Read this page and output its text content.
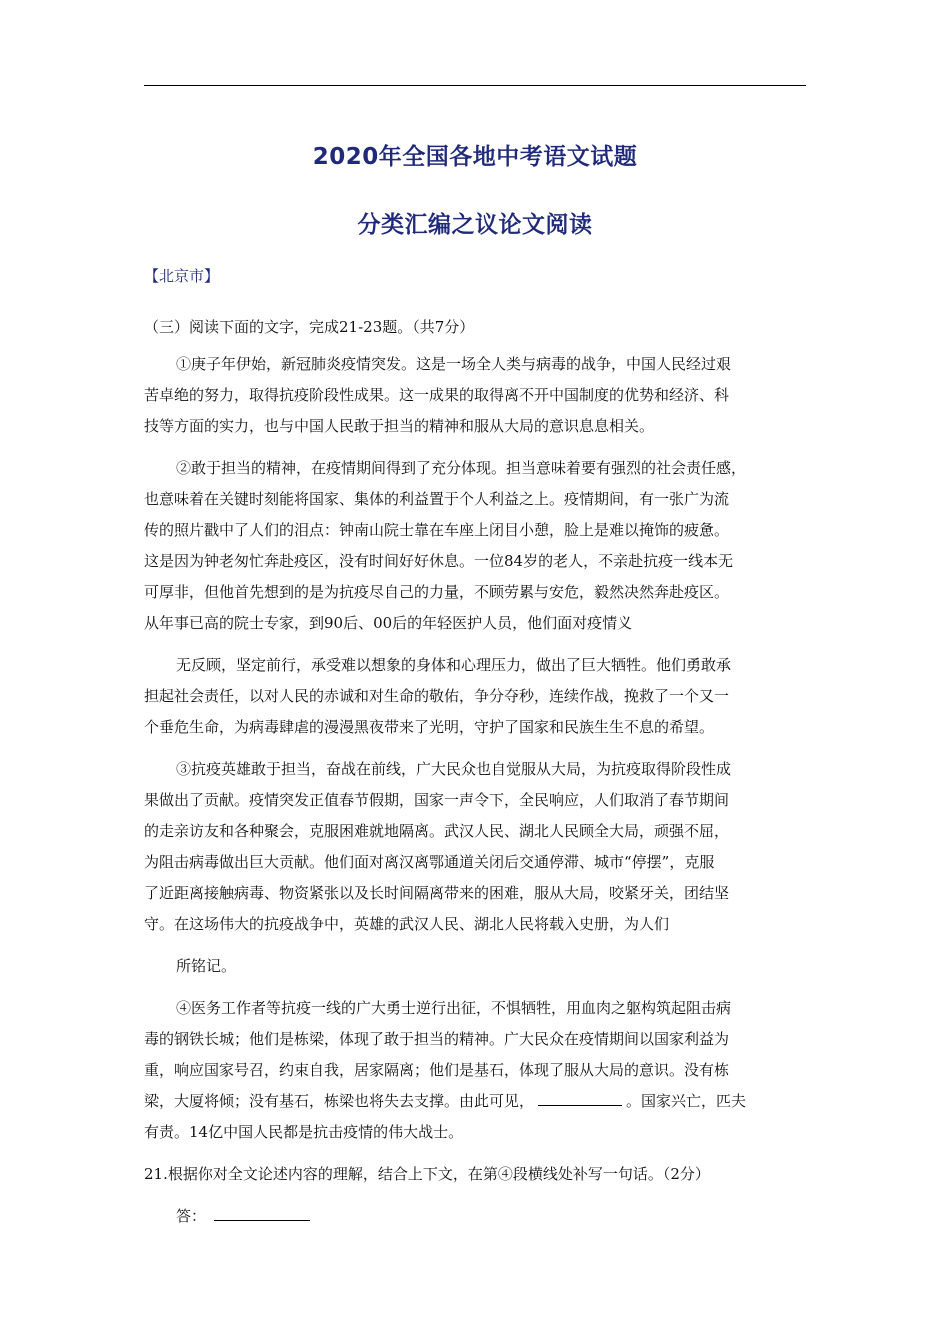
2020年全国各地中考语文试题
分类汇编之议论文阅读
【北京市】
（三）阅读下面的文字，完成21-23题。（共7分）
①庚子年伊始，新冠肺炎疫情突发。这是一场全人类与病毒的战争，中国人民经过艰
苦卓绝的努力，取得抗疫阶段性成果。这一成果的取得离不开中国制度的优势和经济、科
技等方面的实力，也与中国人民敢于担当的精神和服从大局的意识息息相关。
②敢于担当的精神，在疫情期间得到了充分体现。担当意味着要有强烈的社会责任感，
也意味着在关键时刻能将国家、集体的利益置于个人利益之上。疫情期间，有一张广为流
传的照片戳中了人们的泪点：钟南山院士靠在车座上闭目小憩，脸上是难以掩饰的疲惫。
这是因为钟老匆忙奔赴疫区，没有时间好好休息。一位84岁的老人，不亲赴抗疫一线本无
可厚非，但他首先想到的是为抗疫尽自己的力量，不顾劳累与安危，毅然决然奔赴疫区。
从年事已高的院士专家，到90后、00后的年轻医护人员，他们面对疫情义
无反顾，坚定前行，承受难以想象的身体和心理压力，做出了巨大牺牲。他们勇敢承
担起社会责任，以对人民的赤诚和对生命的敬佑，争分夺秒，连续作战，挽救了一个又一
个垂危生命，为病毒肆虐的漫漫黑夜带来了光明，守护了国家和民族生生不息的希望。
③抗疫英雄敢于担当，奋战在前线，广大民众也自觉服从大局，为抗疫取得阶段性成
果做出了贡献。疫情突发正值春节假期，国家一声令下，全民响应，人们取消了春节期间
的走亲访友和各种聚会，克服困难就地隔离。武汉人民、湖北人民顾全大局，顽强不屈，
为阻击病毒做出巨大贡献。他们面对离汉离鄂通道关闭后交通停滞、城市“停摆”，克服
了近距离接触病毒、物资紧张以及长时间隔离带来的困难，服从大局，咬紧牙关，团结坚
守。在这场伟大的抗疫战争中，英雄的武汉人民、湖北人民将载入史册，为人们
所铭记。
④医务工作者等抗疫一线的广大勇士逆行出征，不惧牺牲，用血肉之躯构筑起阻击病
毒的钢铁长城；他们是栋梁，体现了敢于担当的精神。广大民众在疫情期间以国家利益为
重，响应国家号召，约束自我，居家隔离；他们是基石，体现了服从大局的意识。没有栋
梁，大厦将倾；没有基石，栋梁也将失去支撑。由此可见，	。国家兴亡，匹夫
有责。14亿中国人民都是抗击疫情的伟大战士。
21.根据你对全文论述内容的理解，结合上下文，在第④段横线处补写一句话。（2分）
答：
